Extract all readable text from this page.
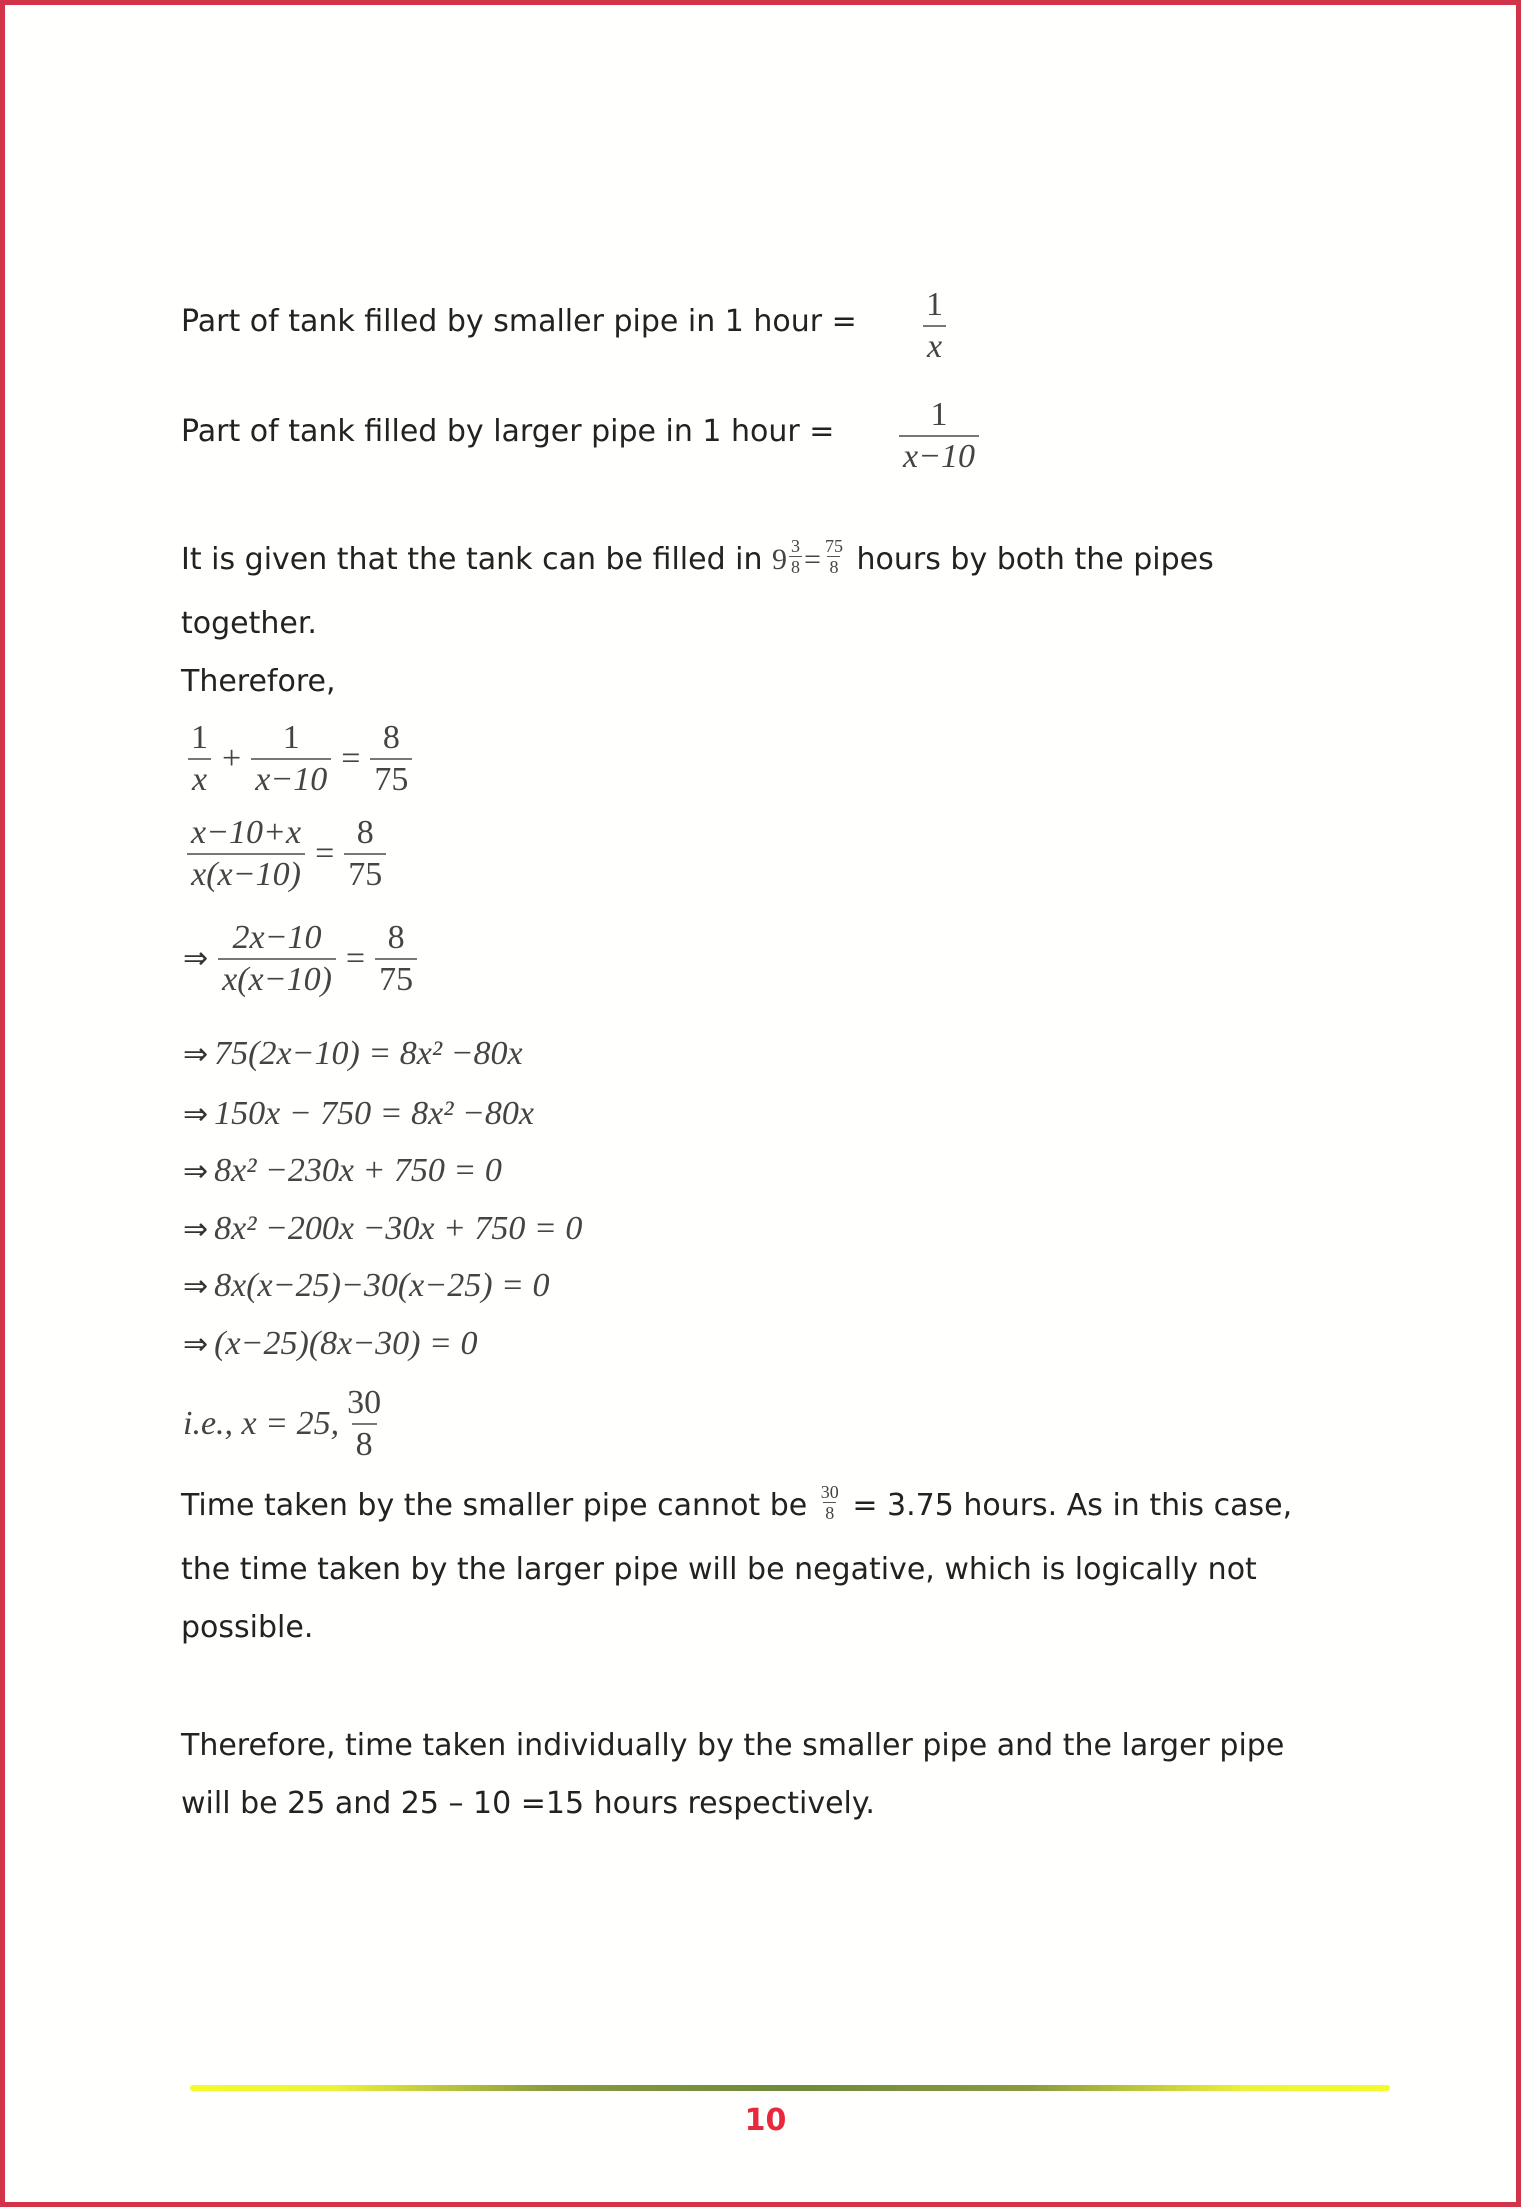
Part of tank filled by smaller pipe in 1 hour = $\frac{1}{x}$
Part of tank filled by larger pipe in 1 hour = $\frac{1}{x-10}$
It is given that the tank can be filled in $9 \frac{3}{8} = \frac{75}{8}$ hours by both the pipes
together.
Therefore,
$\frac{1}{x} + \frac{1}{x-10} = \frac{8}{75}$
$\frac{x-10+x}{x(x-10)} = \frac{8}{75}$
⇒ $\frac{2x-10}{x(x-10)} = \frac{8}{75}$
⇒ 75(2x−10) = 8x² −80x
⇒ 150x − 750 = 8x² −80x
⇒ 8x² −230x + 750 = 0
⇒ 8x² −200x −30x + 750 = 0
⇒ 8x(x−25)−30(x−25) = 0
⇒ (x−25)(8x−30) = 0
i.e., x = 25, $\frac{30}{8}$
Time taken by the smaller pipe cannot be $\frac{30}{8} = 3.75$ hours. As in this case,
the time taken by the larger pipe will be negative, which is logically not
possible.
Therefore, time taken individually by the smaller pipe and the larger pipe
will be 25 and 25 – 10 =15 hours respectively.
10
